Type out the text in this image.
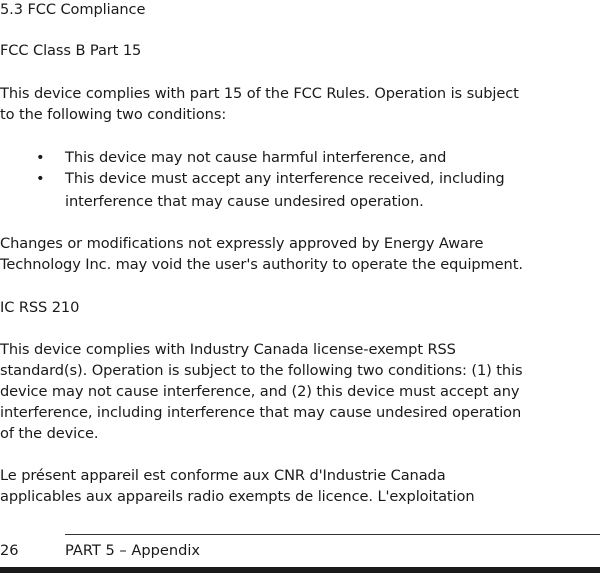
5.3 FCC Compliance
FCC Class B Part 15
This device complies with part 15 of the FCC Rules. Operation is subject
to the following two conditions:
• This device may not cause harmful interference, and
• This device must accept any interference received, including
interference that may cause undesired operation.
Changes or modifications not expressly approved by Energy Aware
Technology Inc. may void the user's authority to operate the equipment.
IC RSS 210
This device complies with Industry Canada license-exempt RSS
standard(s). Operation is subject to the following two conditions: (1) this
device may not cause interference, and (2) this device must accept any
interference, including interference that may cause undesired operation
of the device.
Le présent appareil est conforme aux CNR d'Industrie Canada
applicables aux appareils radio exempts de licence. L'exploitation
26	PART 5 – Appendix
